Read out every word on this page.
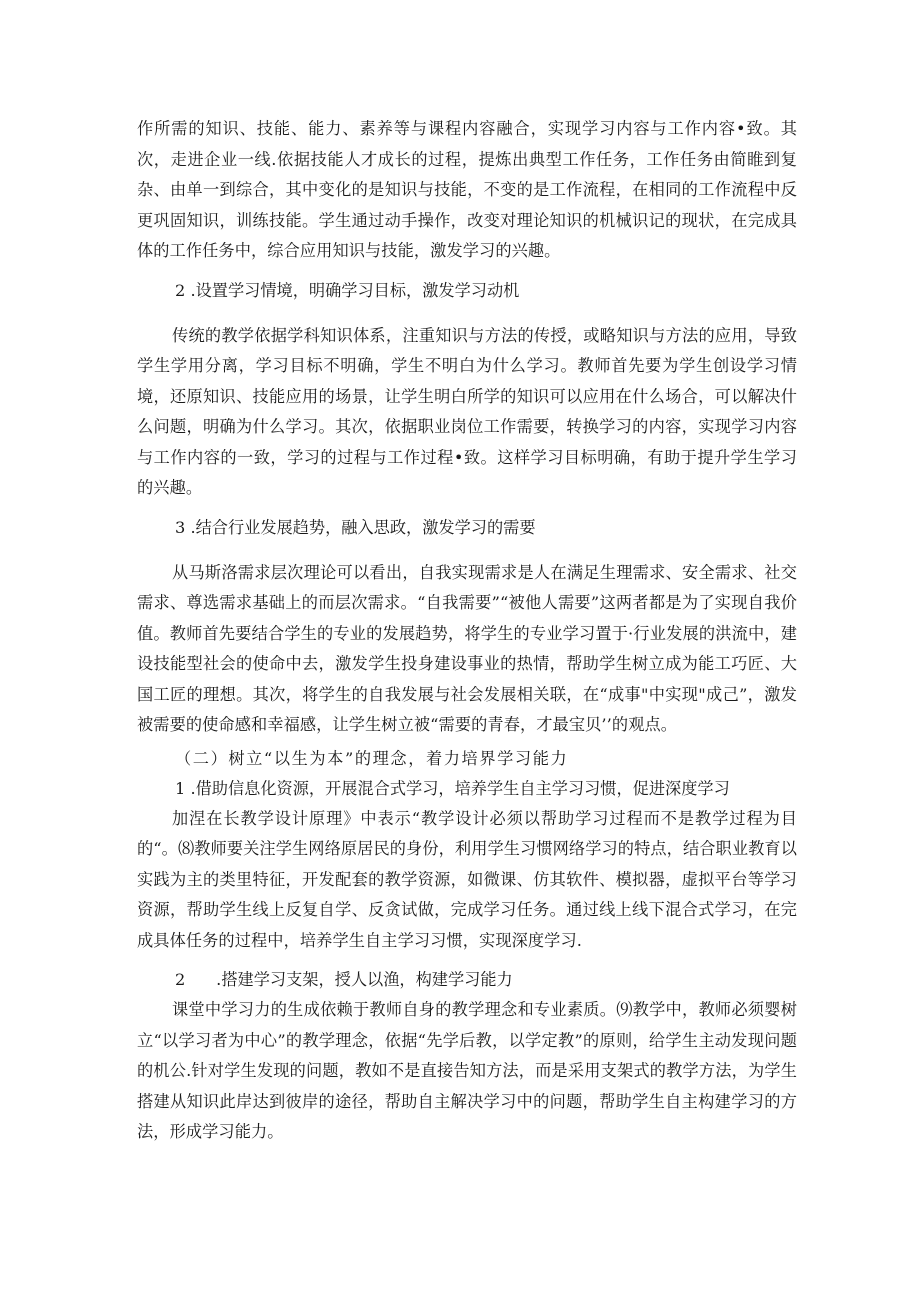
作所需的知识、技能、能力、素养等与课程内容融合，实现学习内容与工作内容•致。其次，走进企业一线.依据技能人才成长的过程，提炼出典型工作任务，工作任务由简睢到复杂、由单一到综合，其中变化的是知识与技能，不变的是工作流程，在相同的工作流程中反更巩固知识，训练技能。学生通过动手操作，改变对理论知识的机械识记的现状，在完成具体的工作任务中，综合应用知识与技能，激发学习的兴趣。

2 .设置学习情境，明确学习目标，激发学习动机

传统的教学依据学科知识体系，注重知识与方法的传授，或略知识与方法的应用，导致学生学用分离，学习目标不明确，学生不明白为什么学习。教师首先要为学生创设学习情境，还原知识、技能应用的场景，让学生明白所学的知识可以应用在什么场合，可以解决什么问题，明确为什么学习。其次，依据职业岗位工作需要，转换学习的内容，实现学习内容与工作内容的一致，学习的过程与工作过程•致。这样学习目标明确，有助于提升学生学习的兴趣。

3 .结合行业发展趋势，融入思政，激发学习的需要

从马斯洛需求层次理论可以看出，自我实现需求是人在满足生理需求、安全需求、社交需求、尊选需求基础上的而层次需求。“自我需要”“被他人需要”这两者都是为了实现自我价值。教师首先要结合学生的专业的发展趋势，将学生的专业学习置于·行业发展的洪流中，建设技能型社会的使命中去，激发学生投身建设事业的热情，帮助学生树立成为能工巧匠、大国工匠的理想。其次，将学生的自我发展与社会发展相关联，在“成事"中实现"成己”，激发被需要的使命感和幸福感，让学生树立被“需要的青春，才最宝贝’’的观点。

（二）树立“以生为本”的理念，着力培界学习能力

1 .借助信息化资源，开展混合式学习，培养学生自主学习习惯，促进深度学习

加涅在长教学设计原理》中表示“教学设计必须以帮助学习过程而不是教学过程为目的“。⑻教师要关注学生网络原居民的身份，利用学生习惯网络学习的特点，结合职业教育以实践为主的类里特征，开发配套的教学资源，如微课、仿其软件、模拟器，虚拟平台等学习资源，帮助学生线上反复自学、反贪试做，完成学习任务。通过线上线下混合式学习，在完成具体任务的过程中，培养学生自主学习习惯，实现深度学习.

2      .搭建学习支架，授人以渔，构建学习能力

课堂中学习力的生成依赖于教师自身的教学理念和专业素质。⑼教学中，教师必须婴树立“以学习者为中心”的教学理念，依据“先学后教，以学定教”的原则，给学生主动发现问题的机公.针对学生发现的问题，教如不是直接告知方法，而是采用支架式的教学方法，为学生搭建从知识此岸达到彼岸的途径，帮助自主解决学习中的问题，帮助学生自主构建学习的方法，形成学习能力。
